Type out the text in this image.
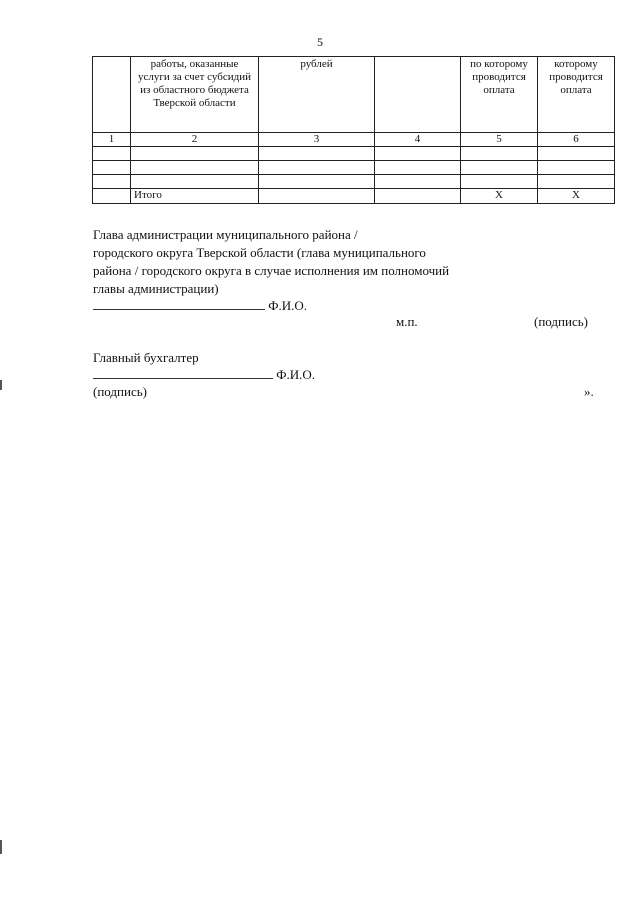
5
	работы, оказанные услуги за счет субсидий из областного бюджета Тверской области	рублей		по которому проводится оплата	которому проводится оплата
1	2	3	4	5	6

	Итого			X	X
Глава администрации муниципального района /
городского округа Тверской области (глава муниципального
района / городского округа в случае исполнения им полномочий
главы администрации)
Ф.И.О.
м.п.	(подпись)
Главный бухгалтер
Ф.И.О.
(подпись)	».
